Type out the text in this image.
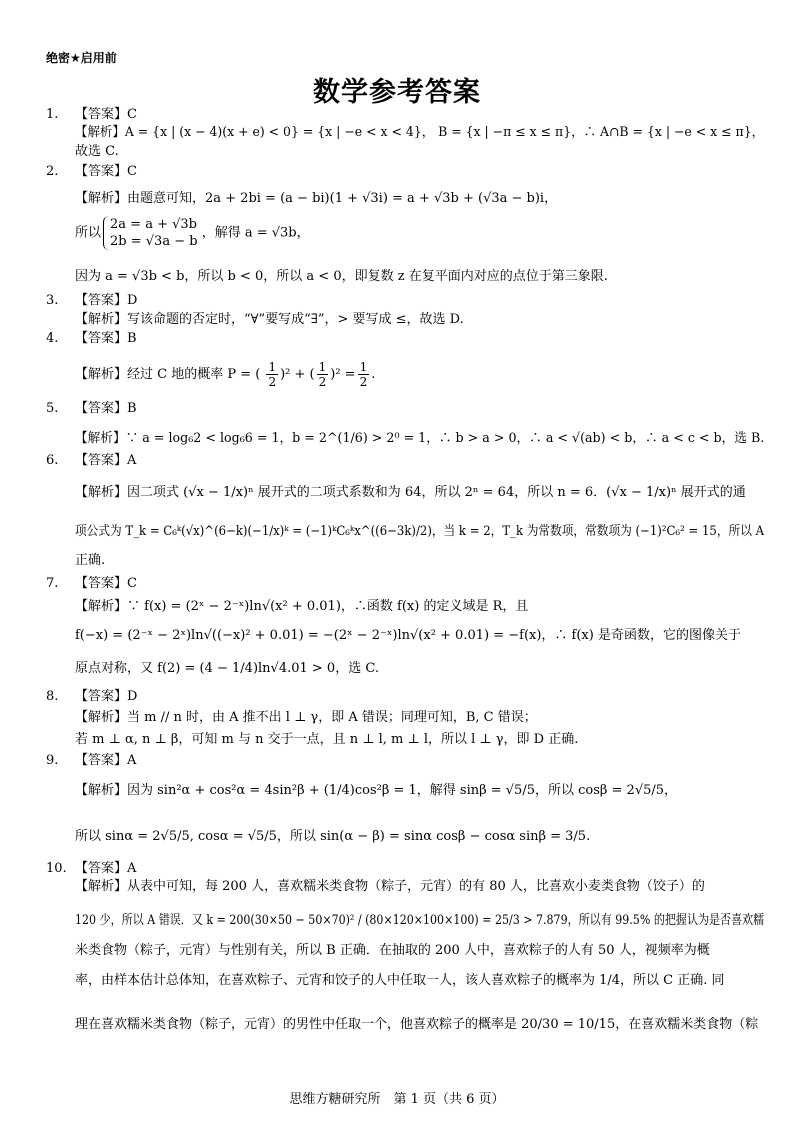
绝密★启用前
数学参考答案
1. 【答案】C
【解析】A = {x | (x − 4)(x + e) < 0} = {x | −e < x < 4}， B = {x | −π ≤ x ≤ π}，∴ A∩B = {x | −e < x ≤ π}，
故选 C.
2. 【答案】C
【解析】由题意可知，2a + 2bi = (a − bi)(1 + √3i) = a + √3b + (√3a − b)i，
所以
2a = a + √3b
2b = √3a − b
，解得 a = √3b，
因为 a = √3b < b，所以 b < 0，所以 a < 0，即复数 z 在复平面内对应的点位于第三象限.
3. 【答案】D
【解析】写该命题的否定时，“∀”要写成“∃”，> 要写成 ≤，故选 D.
4. 【答案】B
【解析】经过 C 地的概率 P = ( $\frac{1}{2} )^2$ + ( $\frac{1}{2} )^2 = \frac{1}{2}$ .
5. 【答案】B
【解析】∵ a = log₆2 < log₆6 = 1，b = 2^(1/6) > 2⁰ = 1，∴ b > a > 0，∴ a < √(ab) < b，∴ a < c < b，选 B.
6. 【答案】A
【解析】因二项式 (√x − 1/x)ⁿ 展开式的二项式系数和为 64，所以 2ⁿ = 64，所以 n = 6．(√x − 1/x)ⁿ 展开式的通
项公式为 T_k = C₆ᵏ(√x)^(6−k)(−1/x)ᵏ = (−1)ᵏC₆ᵏx^((6−3k)/2)，当 k = 2，T_k 为常数项，常数项为 (−1)²C₆² = 15，所以 A
正确.
7. 【答案】C
【解析】∵ f(x) = (2ˣ − 2⁻ˣ)ln√(x² + 0.01)，∴函数 f(x) 的定义域是 R，且
f(−x) = (2⁻ˣ − 2ˣ)ln√((−x)² + 0.01) = −(2ˣ − 2⁻ˣ)ln√(x² + 0.01) = −f(x)，∴ f(x) 是奇函数，它的图像关于
原点对称，又 f(2) = (4 − 1/4)ln√4.01 > 0，选 C.
8. 【答案】D
【解析】当 m // n 时，由 A 推不出 l ⊥ γ，即 A 错误；同理可知，B, C 错误；
若 m ⊥ α, n ⊥ β，可知 m 与 n 交于一点，且 n ⊥ l, m ⊥ l，所以 l ⊥ γ，即 D 正确.
9. 【答案】A
【解析】因为 sin²α + cos²α = 4sin²β + (1/4)cos²β = 1，解得 sinβ = √5/5，所以 cosβ = 2√5/5，
所以 sinα = 2√5/5, cosα = √5/5，所以 sin(α − β) = sinα cosβ − cosα sinβ = 3/5.
10. 【答案】A
【解析】从表中可知，每 200 人，喜欢糯米类食物（粽子，元宵）的有 80 人，比喜欢小麦类食物（饺子）的
120 少，所以 A 错误．又 k = 200(30×50 − 50×70)² / (80×120×100×100) = 25/3 > 7.879，所以有 99.5% 的把握认为是否喜欢糯
米类食物（粽子，元宵）与性别有关，所以 B 正确．在抽取的 200 人中，喜欢粽子的人有 50 人，视频率为概
率，由样本估计总体知，在喜欢粽子、元宵和饺子的人中任取一人，该人喜欢粽子的概率为 1/4，所以 C 正确. 同
理在喜欢糯米类食物（粽子，元宵）的男性中任取一个，他喜欢粽子的概率是 20/30 = 10/15，在喜欢糯米类食物（粽
思维方糖研究所　第 1 页（共 6 页）
